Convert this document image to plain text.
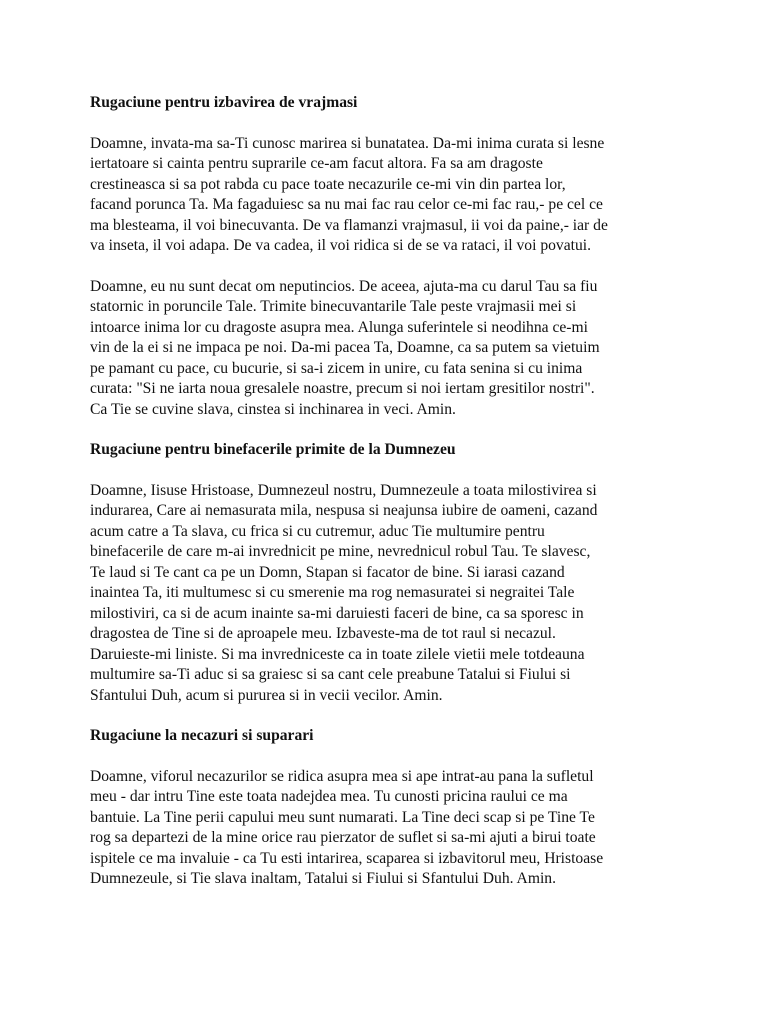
Rugaciune pentru izbavirea de vrajmasi
Doamne, invata-ma sa-Ti cunosc marirea si bunatatea. Da-mi inima curata si lesne
iertatoare si cainta pentru suprarile ce-am facut altora. Fa sa am dragoste
crestineasca si sa pot rabda cu pace toate necazurile ce-mi vin din partea lor,
facand porunca Ta. Ma fagaduiesc sa nu mai fac rau celor ce-mi fac rau,- pe cel ce
ma blesteama, il voi binecuvanta. De va flamanzi vrajmasul, ii voi da paine,- iar de
va inseta, il voi adapa. De va cadea, il voi ridica si de se va rataci, il voi povatui.
Doamne, eu nu sunt decat om neputincios. De aceea, ajuta-ma cu darul Tau sa fiu
statornic in poruncile Tale. Trimite binecuvantarile Tale peste vrajmasii mei si
intoarce inima lor cu dragoste asupra mea. Alunga suferintele si neodihna ce-mi
vin de la ei si ne impaca pe noi. Da-mi pacea Ta, Doamne, ca sa putem sa vietuim
pe pamant cu pace, cu bucurie, si sa-i zicem in unire, cu fata senina si cu inima
curata: "Si ne iarta noua gresalele noastre, precum si noi iertam gresitilor nostri".
Ca Tie se cuvine slava, cinstea si inchinarea in veci. Amin.
Rugaciune pentru binefacerile primite de la Dumnezeu
Doamne, Iisuse Hristoase, Dumnezeul nostru, Dumnezeule a toata milostivirea si
indurarea, Care ai nemasurata mila, nespusa si neajunsa iubire de oameni, cazand
acum catre a Ta slava, cu frica si cu cutremur, aduc Tie multumire pentru
binefacerile de care m-ai invrednicit pe mine, nevrednicul robul Tau. Te slavesc,
Te laud si Te cant ca pe un Domn, Stapan si facator de bine. Si iarasi cazand
inaintea Ta, iti multumesc si cu smerenie ma rog nemasuratei si negraitei Tale
milostiviri, ca si de acum inainte sa-mi daruiesti faceri de bine, ca sa sporesc in
dragostea de Tine si de aproapele meu. Izbaveste-ma de tot raul si necazul.
Daruieste-mi liniste. Si ma invredniceste ca in toate zilele vietii mele totdeauna
multumire sa-Ti aduc si sa graiesc si sa cant cele preabune Tatalui si Fiului si
Sfantului Duh, acum si pururea si in vecii vecilor. Amin.
Rugaciune la necazuri si suparari
Doamne, viforul necazurilor se ridica asupra mea si ape intrat-au pana la sufletul
meu - dar intru Tine este toata nadejdea mea. Tu cunosti pricina raului ce ma
bantuie. La Tine perii capului meu sunt numarati. La Tine deci scap si pe Tine Te
rog sa departezi de la mine orice rau pierzator de suflet si sa-mi ajuti a birui toate
ispitele ce ma invaluie - ca Tu esti intarirea, scaparea si izbavitorul meu, Hristoase
Dumnezeule, si Tie slava inaltam, Tatalui si Fiului si Sfantului Duh. Amin.
